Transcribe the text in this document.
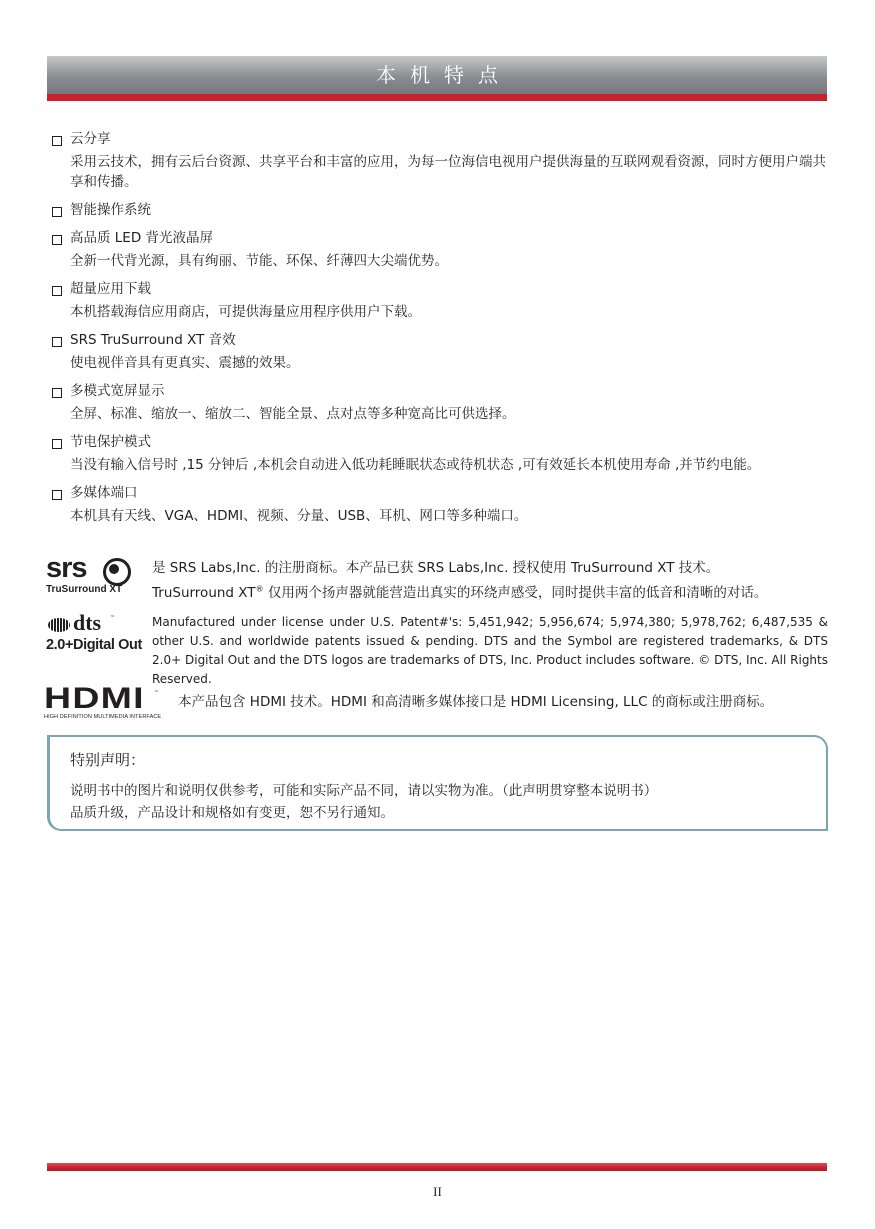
本机特点
云分享
采用云技术，拥有云后台资源、共享平台和丰富的应用，为每一位海信电视用户提供海量的互联网观看资源，同时方便用户端共享和传播。
智能操作系统
高品质 LED 背光液晶屏
全新一代背光源，具有绚丽、节能、环保、纤薄四大尖端优势。
超量应用下载
本机搭载海信应用商店，可提供海量应用程序供用户下载。
SRS TruSurround XT 音效
使电视伴音具有更真实、震撼的效果。
多模式宽屏显示
全屏、标准、缩放一、缩放二、智能全景、点对点等多种宽高比可供选择。
节电保护模式
当没有输入信号时 ,15 分钟后 ,本机会自动进入低功耗睡眠状态或待机状态 ,可有效延长本机使用寿命 ,并节约电能。
多媒体端口
本机具有天线、VGA、HDMI、视频、分量、USB、耳机、网口等多种端口。
srs
TruSurround XT
是 SRS Labs,Inc. 的注册商标。本产品已获 SRS Labs,Inc. 授权使用 TruSurround XT 技术。
TruSurround XT® 仅用两个扬声器就能营造出真实的环绕声感受，同时提供丰富的低音和清晰的对话。
dts ™
2.0+Digital Out
Manufactured under license under U.S. Patent#'s: 5,451,942; 5,956,674; 5,974,380; 5,978,762; 6,487,535 & other U.S. and worldwide patents issued & pending. DTS and the Symbol are registered trademarks, & DTS 2.0+ Digital Out and the DTS logos are trademarks of DTS, Inc. Product includes software. © DTS, Inc. All Rights Reserved.
HDMI ™
HIGH DEFINITION MULTIMEDIA INTERFACE
本产品包含 HDMI 技术。HDMI 和高清晰多媒体接口是 HDMI Licensing, LLC 的商标或注册商标。
特别声明：
说明书中的图片和说明仅供参考，可能和实际产品不同，请以实物为准。（此声明贯穿整本说明书）
品质升级，产品设计和规格如有变更，恕不另行通知。
II
